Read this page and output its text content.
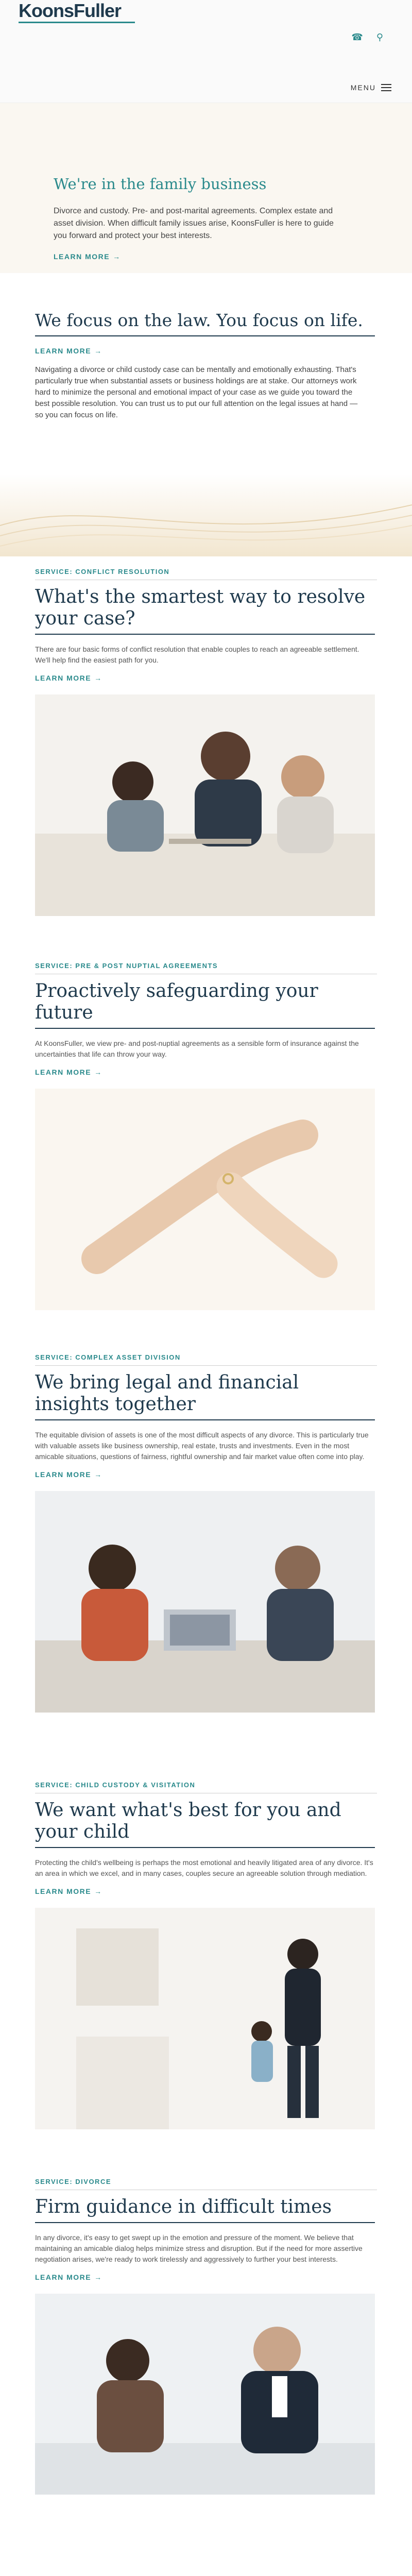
KoonsFuller
☎ ⚲
MENU
We're in the family business

Divorce and custody. Pre- and post-marital agreements. Complex estate and asset division. When difficult family issues arise, KoonsFuller is here to guide you forward and protect your best interests.

LEARN MORE →
We focus on the law. You focus on life.
LEARN MORE →

Navigating a divorce or child custody case can be mentally and emotionally exhausting. That's particularly true when substantial assets or business holdings are at stake. Our attorneys work hard to minimize the personal and emotional impact of your case as we guide you toward the best possible resolution. You can trust us to put our full attention on the legal issues at hand — so you can focus on life.

SERVICE: CONFLICT RESOLUTION
What's the smartest way to resolve your case?

There are four basic forms of conflict resolution that enable couples to reach an agreeable settlement. We'll help find the easiest path for you.

LEARN MORE →
SERVICE: PRE & POST NUPTIAL AGREEMENTS
Proactively safeguarding your future

At KoonsFuller, we view pre- and post-nuptial agreements as a sensible form of insurance against the uncertainties that life can throw your way.

LEARN MORE →
SERVICE: COMPLEX ASSET DIVISION
We bring legal and financial insights together

The equitable division of assets is one of the most difficult aspects of any divorce. This is particularly true with valuable assets like business ownership, real estate, trusts and investments. Even in the most amicable situations, questions of fairness, rightful ownership and fair market value often come into play.

LEARN MORE →
SERVICE: CHILD CUSTODY & VISITATION
We want what's best for you and your child

Protecting the child's wellbeing is perhaps the most emotional and heavily litigated area of any divorce. It's an area in which we excel, and in many cases, couples secure an agreeable solution through mediation.

LEARN MORE →
SERVICE: DIVORCE
Firm guidance in difficult times

In any divorce, it's easy to get swept up in the emotion and pressure of the moment. We believe that maintaining an amicable dialog helps minimize stress and disruption. But if the need for more assertive negotiation arises, we're ready to work tirelessly and aggressively to further your best interests.

LEARN MORE →
